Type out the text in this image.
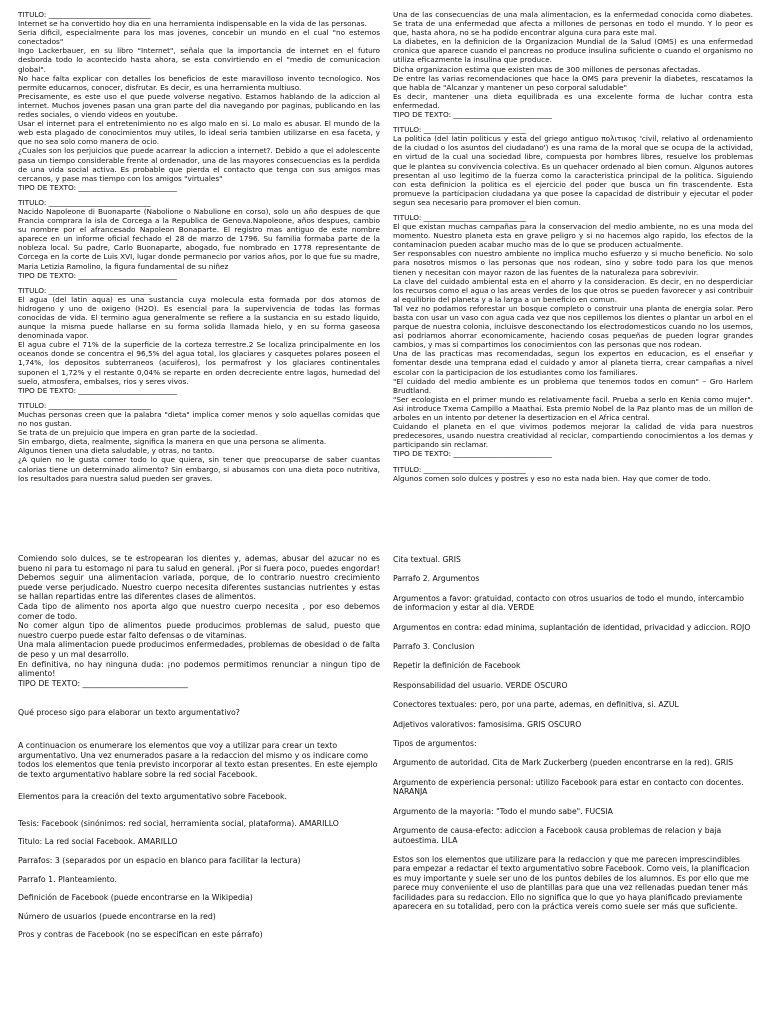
TITULO: ____________________________

Internet se ha convertido hoy dia en una herramienta indispensable en la vida de las personas.

Seria dificil, especialmente para los mas jovenes, concebir un mundo en el cual "no estemos conectados"

Ingo Lackerbauer, en su libro "Internet", señala que la importancia de internet en el futuro desborda todo lo acontecido hasta ahora, se esta convirtiendo en el "medio de comunicacion global".

No hace falta explicar con detalles los beneficios de este maravilloso invento tecnologico. Nos permite educarnos, conocer, disfrutar. Es decir, es una herramienta multiuso.

Precisamente, es este uso el que puede volverse negativo. Estamos hablando de la adiccion al internet. Muchos jovenes pasan una gran parte del dia navegando por paginas, publicando en las redes sociales, o viendo videos en youtube.

Usar el internet para el entretenimiento no es algo malo en si. Lo malo es abusar. El mundo de la web esta plagado de conocimientos muy utiles, lo ideal seria tambien utilizarse en esa faceta, y que no sea solo como manera de ocio.

¿Cuales son los perjuicios que puede acarrear la adiccion a internet?. Debido a que el adolescente pasa un tiempo considerable frente al ordenador, una de las mayores consecuencias es la perdida de una vida social activa. Es probable que pierda el contacto que tenga con sus amigos mas cercanos, y pase mas tiempo con los amigos "virtuales"

TIPO DE TEXTO: ___________________________

TITULO: ____________________________

Nacido Napoleone di Buonaparte (Nabolione o Nabulione en corso), solo un año despues de que Francia comprara la isla de Corcega a la Republica de Genova.Napoleone, años despues, cambio su nombre por el afrancesado Napoleon Bonaparte. El registro mas antiguo de este nombre aparece en un informe oficial fechado el 28 de marzo de 1796. Su familia formaba parte de la nobleza local. Su padre, Carlo Buonaparte, abogado, fue nombrado en 1778 representante de Corcega en la corte de Luis XVI, lugar donde permanecio por varios años, por lo que fue su madre, Maria Letizia Ramolino, la figura fundamental de su niñez

TIPO DE TEXTO: ___________________________

TITULO: ____________________________

El agua (del latin aqua) es una sustancia cuya molecula esta formada por dos atomos de hidrogeno y uno de oxigeno (H2O). Es esencial para la supervivencia de todas las formas conocidas de vida. El termino agua generalmente se refiere a la sustancia en su estado liquido, aunque la misma puede hallarse en su forma solida llamada hielo, y en su forma gaseosa denominada vapor.

El agua cubre el 71% de la superficie de la corteza terrestre.2 Se localiza principalmente en los oceanos donde se concentra el 96,5% del agua total, los glaciares y casquetes polares poseen el 1,74%, los depositos subterraneos (acuiferos), los permafrost y los glaciares continentales suponen el 1,72% y el restante 0,04% se reparte en orden decreciente entre lagos, humedad del suelo, atmosfera, embalses, rios y seres vivos.

TIPO DE TEXTO: ___________________________

TITULO: ____________________________

Muchas personas creen que la palabra "dieta" implica comer menos y solo aquellas comidas que no nos gustan.

Se trata de un prejuicio que impera en gran parte de la sociedad.

Sin embargo, dieta, realmente, significa la manera en que una persona se alimenta.

Algunos tienen una dieta saludable, y otras, no tanto.

¿A quien no le gusta comer todo lo que quiera, sin tener que preocuparse de saber cuantas calorias tiene un determinado alimento? Sin embargo, si abusamos con una dieta poco nutritiva, los resultados para nuestra salud pueden ser graves.

Una de las consecuencias de una mala alimentacion, es la enfermedad conocida como diabetes. Se trata de una enfermedad que afecta a millones de personas en todo el mundo. Y lo peor es que, hasta ahora, no se ha podido encontrar alguna cura para este mal.

La diabetes, en la definicion de la Organizacion Mundial de la Salud (OMS) es una enfermedad cronica que aparece cuando el pancreas no produce insulina suficiente o cuando el organismo no utiliza eficazmente la insulina que produce.

Dicha organizacion estima que existen mas de 300 millones de personas afectadas.

De entre las varias recomendaciones que hace la OMS para prevenir la diabetes, rescatamos la que habla de "Alcanzar y mantener un peso corporal saludable"

Es decir, mantener una dieta equilibrada es una excelente forma de luchar contra esta enfermedad.

TIPO DE TEXTO: ___________________________

TITULO: ____________________________

La politica (del latin politicus y esta del griego antiguo πολιτικος 'civil, relativo al ordenamiento de la ciudad o los asuntos del ciudadano') es una rama de la moral que se ocupa de la actividad, en virtud de la cual una sociedad libre, compuesta por hombres libres, resuelve los problemas que le plantea su convivencia colectiva. Es un quehacer ordenado al bien comun. Algunos autores presentan al uso legitimo de la fuerza como la caracteristica principal de la politica. Siguiendo con esta definicion la politica es el ejercicio del poder que busca un fin trascendente. Esta promueve la participacion ciudadana ya que posee la capacidad de distribuir y ejecutar el poder segun sea necesario para promover el bien comun.

TITULO: ____________________________

El que existan muchas campañas para la conservacion del medio ambiente, no es una moda del momento. Nuestro planeta esta en grave peligro y si no hacemos algo rapido, los efectos de la contaminacion pueden acabar mucho mas de lo que se producen actualmente.

Ser responsables con nuestro ambiente no implica mucho esfuerzo y si mucho beneficio. No solo para nosotros mismos o las personas que nos rodean, sino y sobre todo para los que menos tienen y necesitan con mayor razon de las fuentes de la naturaleza para sobrevivir.

La clave del cuidado ambiental esta en el ahorro y la consideracion. Es decir, en no desperdiciar los recursos como el agua o las areas verdes de los que otros se pueden favorecer y asi contribuir al equilibrio del planeta y a la larga a un beneficio en comun.

Tal vez no podamos reforestar un bosque completo o construir una planta de energia solar. Pero basta con usar un vaso con agua cada vez que nos cepillemos los dientes o plantar un arbol en el parque de nuestra colonia, incluisve desconectando los electrodomesticos cuando no los usemos, asi podriamos ahorrar economicamente, haciendo cosas pequeñas de pueden lograr grandes cambios, y mas si compartimos los conocimientos con las personas que nos rodean.

Una de las practicas mas recomendadas, segun los expertos en educacion, es el enseñar y fomentar desde una temprana edad el cuidado y amor al planeta tierra, crear campañas a nivel escolar con la participacion de los estudiantes como los familiares.

"El cuidado del medio ambiente es un problema que tenemos todos en comun" – Gro Harlem Brudtland.

"Ser ecologista en el primer mundo es relativamente facil. Prueba a serlo en Kenia como mujer". Asi introduce Txema Campillo a Maathai. Esta premio Nobel de la Paz planto mas de un millon de arboles en un intento por detener la desertizacion en el Africa central.

Cuidando el planeta en el que vivimos podemos mejorar la calidad de vida para nuestros predecesores, usando nuestra creatividad al reciclar, compartiendo conocimientos a los demas y participando sin reclamar.

TIPO DE TEXTO: ___________________________

TITULO: ____________________________

Algunos comen solo dulces y postres y eso no esta nada bien. Hay que comer de todo.

Comiendo solo dulces, se te estropearan los dientes y, ademas, abusar del azucar no es bueno ni para tu estomago ni para tu salud en general. ¡Por si fuera poco, puedes engordar!

Debemos seguir una alimentacion variada, porque, de lo contrario nuestro crecimiento puede verse perjudicado. Nuestro cuerpo necesita diferentes sustancias nutrientes y estas se hallan repartidas entre las diferentes clases de alimentos.

Cada tipo de alimento nos aporta algo que nuestro cuerpo necesita , por eso debemos comer de todo.

No comer algun tipo de alimentos puede producimos problemas de salud, puesto que nuestro cuerpo puede estar falto defensas o de vitaminas.

Una mala alimentacion puede producimos enfermedades, problemas de obesidad o de falta de peso y un mal desarrollo.

En definitiva, no hay ninguna duda: ¡no podemos permitimos renunciar a ningun tipo de alimento!

TIPO DE TEXTO: ___________________________

Qué proceso sigo para elaborar un texto argumentativo?

A continuacion os enumerare los elementos que voy a utilizar para crear un texto argumentativo. Una vez enumerados pasare a la redaccion del mismo y os indicare como todos los elementos que tenia previsto incorporar al texto estan presentes. En este ejemplo de texto argumentativo hablare sobre la red social Facebook.

Elementos para la creación del texto argumentativo sobre Facebook.

Tesis: Facebook (sinónimos: red social, herramienta social, plataforma). AMARILLO

Titulo: La red social Facebook. AMARILLO

Parrafos: 3 (separados por un espacio en blanco para facilitar la lectura)

Parrafo 1. Planteamiento.

Definición de Facebook (puede encontrarse en la Wikipedia)

Número de usuarios (puede encontrarse en la red)

Pros y contras de Facebook (no se especifican en este párrafo)

Cita textual. GRIS

Parrafo 2. Argumentos

Argumentos a favor: gratuidad, contacto con otros usuarios de todo el mundo, intercambio de informacion y estar al dia. VERDE

Argumentos en contra: edad minima, suplantación de identidad, privacidad y adiccion. ROJO

Parrafo 3. Conclusion

Repetir la definición de Facebook

Responsabilidad del usuario. VERDE OSCURO

Conectores textuales: pero, por una parte, ademas, en definitiva, si. AZUL

Adjetivos valorativos: famosisima. GRIS OSCURO

Tipos de argumentos:

Argumento de autoridad. Cita de Mark Zuckerberg (pueden encontrarse en la red). GRIS

Argumento de experiencia personal: utilizo Facebook para estar en contacto con docentes. NARANJA

Argumento de la mayoria: "Todo el mundo sabe". FUCSIA

Argumento de causa-efecto: adiccion a Facebook causa problemas de relacion y baja autoestima. LILA

Estos son los elementos que utilizare para la redaccion y que me parecen imprescindibles para empezar a redactar el texto argumentativo sobre Facebook. Como veis, la planificacion es muy importante y suele ser uno de los puntos debiles de los alumnos. Es por ello que me parece muy conveniente el uso de plantillas para que una vez rellenadas puedan tener más facilidades para su redaccion. Ello no significa que lo que yo haya planificado previamente aparecera en su totalidad, pero con la práctica vereis como suele ser más que suficiente.
